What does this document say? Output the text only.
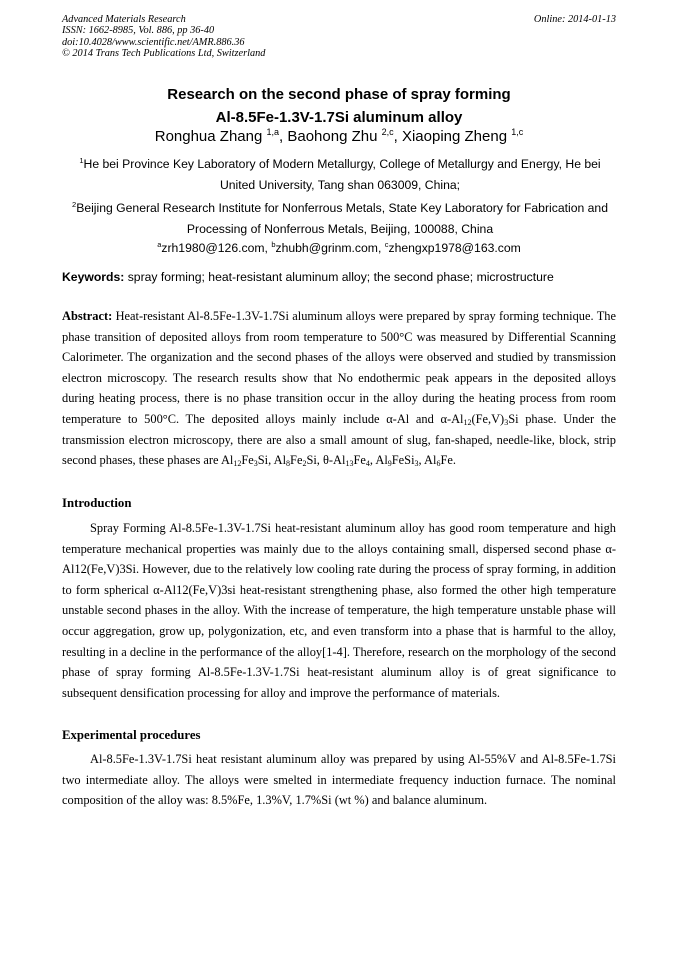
Advanced Materials Research
ISSN: 1662-8985, Vol. 886, pp 36-40
doi:10.4028/www.scientific.net/AMR.886.36
© 2014 Trans Tech Publications Ltd, Switzerland
Online: 2014-01-13
Research on the second phase of spray forming
Al-8.5Fe-1.3V-1.7Si aluminum alloy
Ronghua Zhang $^{1,a}$, Baohong Zhu $^{2,c}$, Xiaoping Zheng $^{1,c}$
$^1$He bei Province Key Laboratory of Modern Metallurgy, College of Metallurgy and Energy, He bei United University, Tang shan 063009, China;
$^2$Beijing General Research Institute for Nonferrous Metals, State Key Laboratory for Fabrication and Processing of Nonferrous Metals, Beijing, 100088, China
$^a$zrh1980@126.com, $^b$zhubh@grinm.com, $^c$zhengxp1978@163.com
Keywords: spray forming; heat-resistant aluminum alloy; the second phase; microstructure
Abstract: Heat-resistant Al-8.5Fe-1.3V-1.7Si aluminum alloys were prepared by spray forming technique. The phase transition of deposited alloys from room temperature to 500°C was measured by Differential Scanning Calorimeter. The organization and the second phases of the alloys were observed and studied by transmission electron microscopy. The research results show that No endothermic peak appears in the deposited alloys during heating process, there is no phase transition occur in the alloy during the heating process from room temperature to 500°C. The deposited alloys mainly include α-Al and $\alpha-Al_{12}(Fe,V)_3Si$ phase. Under the transmission electron microscopy, there are also a small amount of slug, fan-shaped, needle-like, block, strip second phases, these phases are $Al_{12}Fe_3Si$, $Al_8Fe_2Si$, $\theta-Al_{13}Fe_4$, $Al_9FeSi_3$, $Al_6Fe$.
Introduction
Spray Forming Al-8.5Fe-1.3V-1.7Si heat-resistant aluminum alloy has good room temperature and high temperature mechanical properties was mainly due to the alloys containing small, dispersed second phase α-Al12(Fe,V)3Si. However, due to the relatively low cooling rate during the process of spray forming, in addition to form spherical α-Al12(Fe,V)3si heat-resistant strengthening phase, also formed the other high temperature unstable second phases in the alloy. With the increase of temperature, the high temperature unstable phase will occur aggregation, grow up, polygonization, etc, and even transform into a phase that is harmful to the alloy, resulting in a decline in the performance of the alloy[1-4]. Therefore, research on the morphology of the second phase of spray forming Al-8.5Fe-1.3V-1.7Si heat-resistant aluminum alloy is of great significance to subsequent densification processing for alloy and improve the performance of materials.
Experimental procedures
Al-8.5Fe-1.3V-1.7Si heat resistant aluminum alloy was prepared by using Al-55%V and Al-8.5Fe-1.7Si two intermediate alloy. The alloys were smelted in intermediate frequency induction furnace. The nominal composition of the alloy was: 8.5%Fe, 1.3%V, 1.7%Si (wt %) and balance aluminum.
